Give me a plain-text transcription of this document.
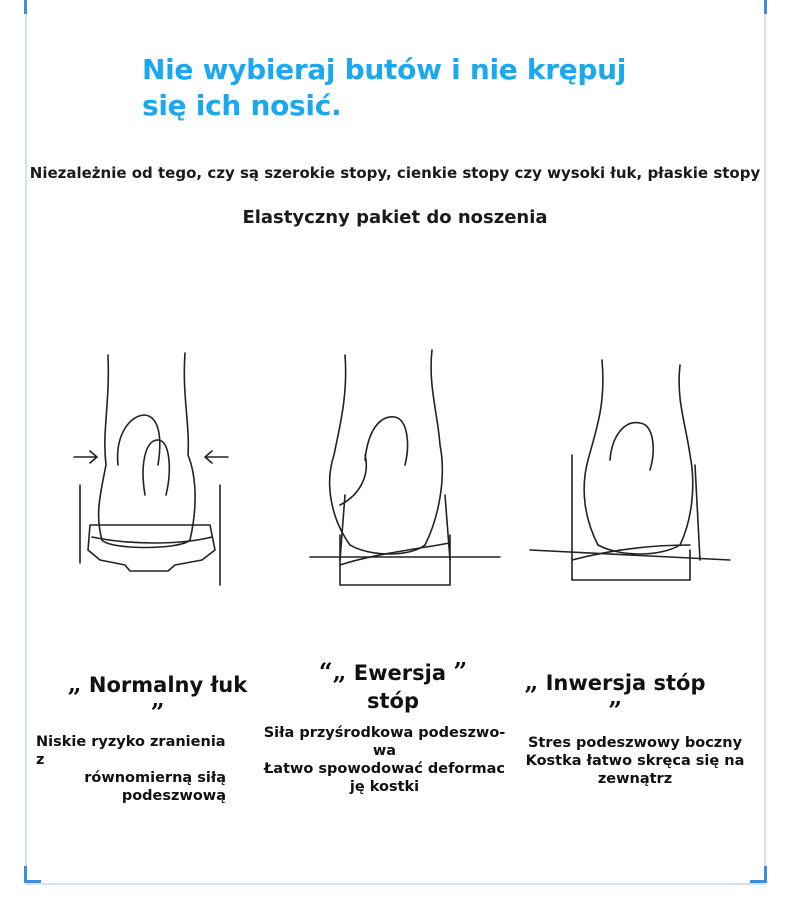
Nie wybieraj butów i nie krępuj
się ich nosić.
Niezależnie od tego, czy są szerokie stopy, cienkie stopy czy wysoki łuk, płaskie stopy
Elastyczny pakiet do noszenia
„ Normalny łuk ”
“„ Ewersja ”
stóp
„ Inwersja stóp ”
Niskie ryzyko zranienia z
równomierną siłą
podeszwową
Siła przyśrodkowa podeszwo-
wa
Łatwo spowodować deformac
ję kostki
Stres podeszwowy boczny
Kostka łatwo skręca się na
zewnątrz
